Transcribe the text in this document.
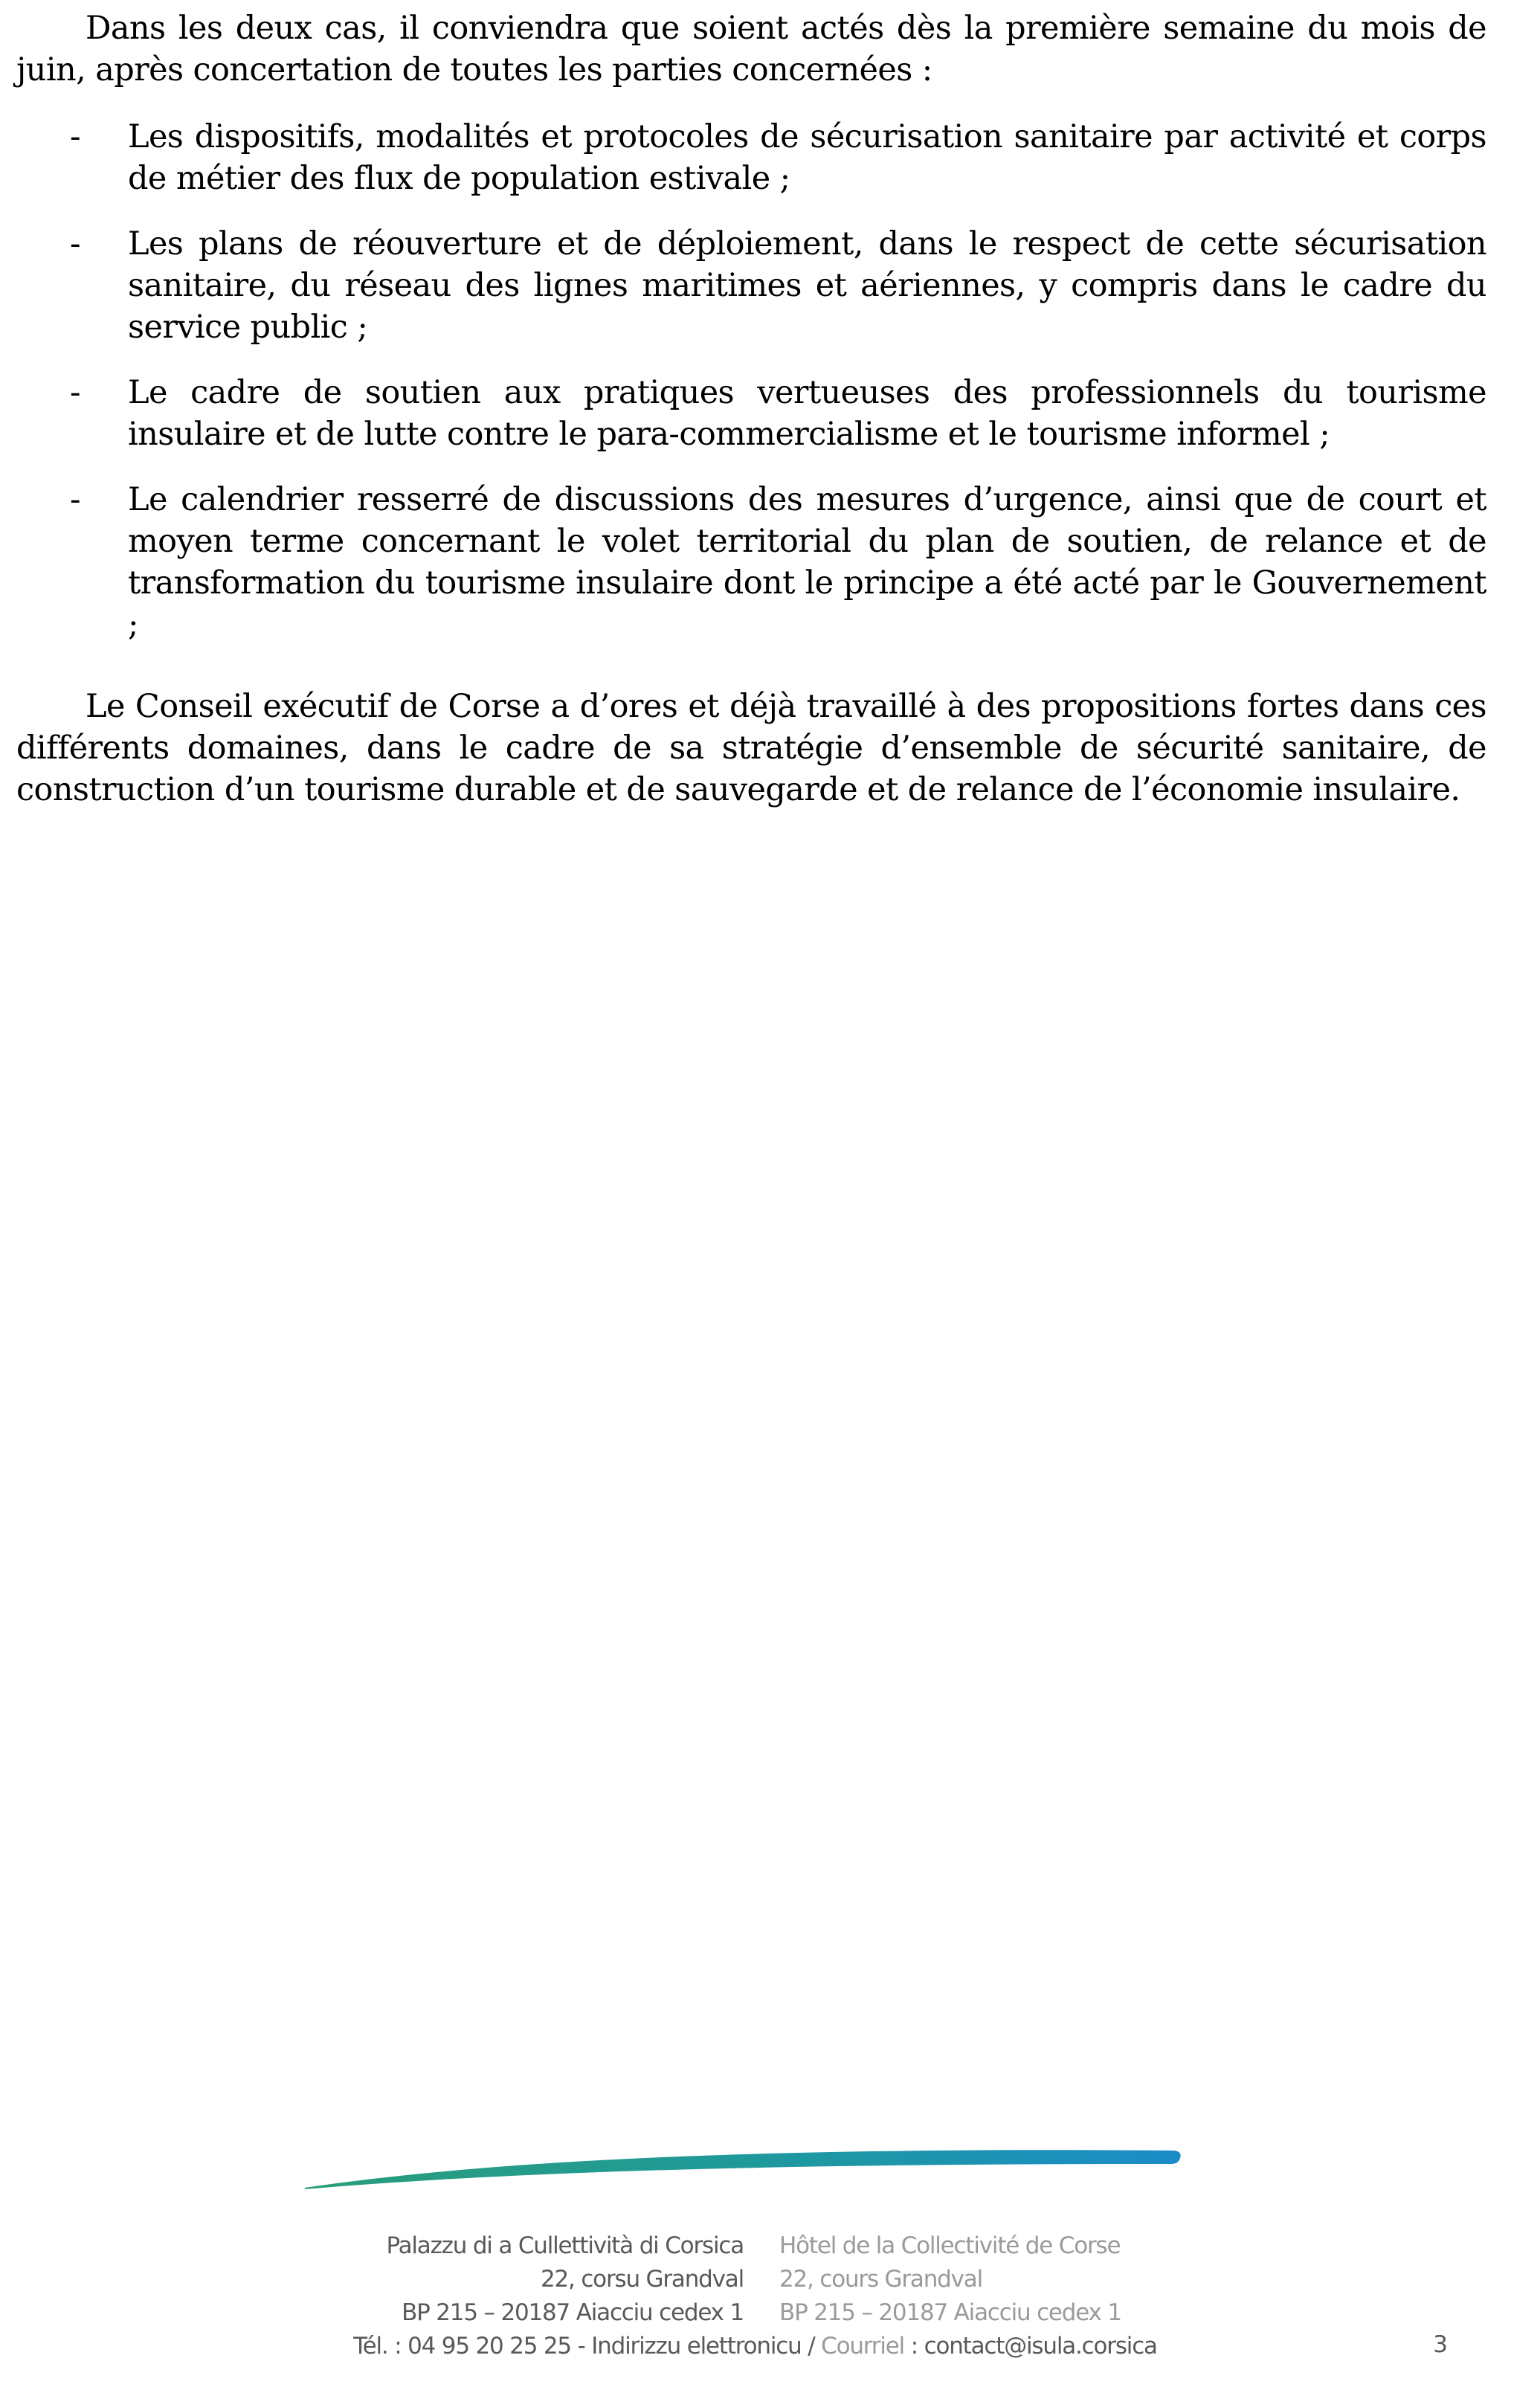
Dans les deux cas, il conviendra que soient actés dès la première semaine du mois de juin, après concertation de toutes les parties concernées :

- Les dispositifs, modalités et protocoles de sécurisation sanitaire par activité et corps de métier des flux de population estivale ;

- Les plans de réouverture et de déploiement, dans le respect de cette sécurisation sanitaire, du réseau des lignes maritimes et aériennes, y compris dans le cadre du service public ;

- Le cadre de soutien aux pratiques vertueuses des professionnels du tourisme insulaire et de lutte contre le para-commercialisme et le tourisme informel ;

- Le calendrier resserré de discussions des mesures d’urgence, ainsi que de court et moyen terme concernant le volet territorial du plan de soutien, de relance et de transformation du tourisme insulaire dont le principe a été acté par le Gouvernement ;

Le Conseil exécutif de Corse a d’ores et déjà travaillé à des propositions fortes dans ces différents domaines, dans le cadre de sa stratégie d’ensemble de sécurité sanitaire, de construction d’un tourisme durable et de sauvegarde et de relance de l’économie insulaire.

Palazzu di a Cullettività di Corsica Hôtel de la Collectivité de Corse
22, corsu Grandval 22, cours Grandval
BP 215 – 20187 Aiacciu cedex 1 BP 215 – 20187 Aiacciu cedex 1
Tél. : 04 95 20 25 25 - Indirizzu elettronicu / Courriel : contact@isula.corsica	3
